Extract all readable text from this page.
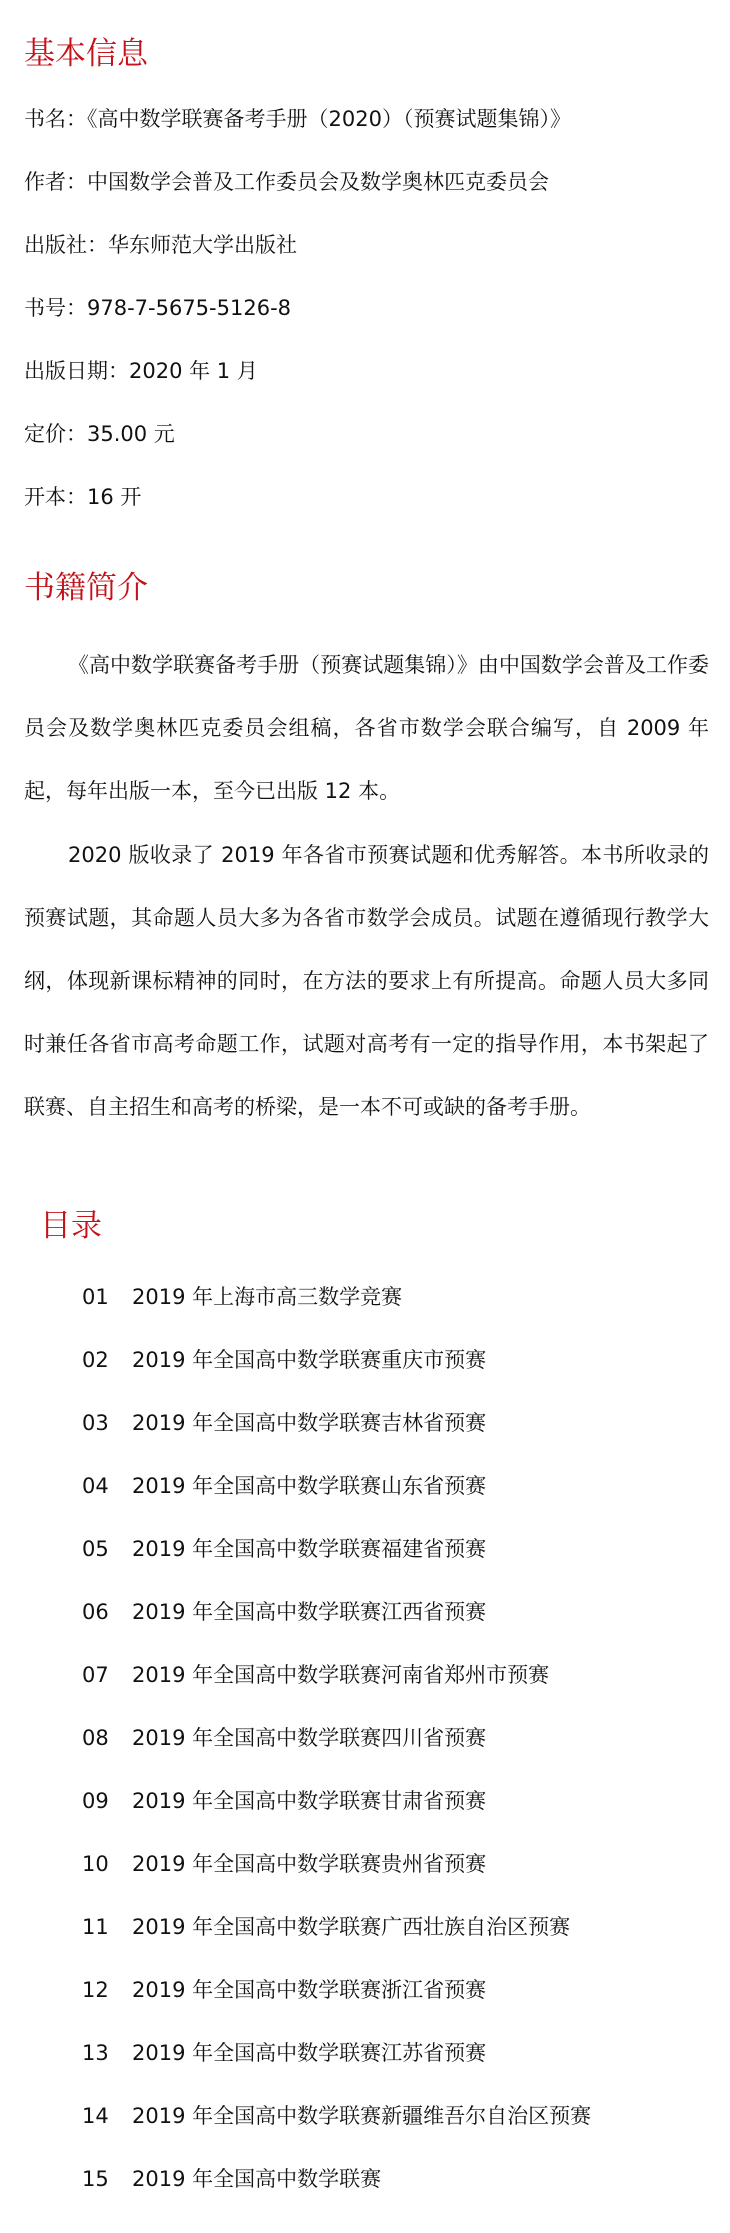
基本信息

书名：《高中数学联赛备考手册（2020）（预赛试题集锦）》

作者：中国数学会普及工作委员会及数学奥林匹克委员会

出版社：华东师范大学出版社

书号：978-7-5675-5126-8

出版日期：2020 年 1 月

定价：35.00 元

开本：16 开

书籍简介

《高中数学联赛备考手册（预赛试题集锦）》由中国数学会普及工作委员会及数学奥林匹克委员会组稿，各省市数学会联合编写，自 2009 年起，每年出版一本，至今已出版 12 本。

2020 版收录了 2019 年各省市预赛试题和优秀解答。本书所收录的预赛试题，其命题人员大多为各省市数学会成员。试题在遵循现行教学大纲，体现新课标精神的同时，在方法的要求上有所提高。命题人员大多同时兼任各省市高考命题工作，试题对高考有一定的指导作用，本书架起了联赛、自主招生和高考的桥梁，是一本不可或缺的备考手册。

目录
01 2019 年上海市高三数学竞赛
02 2019 年全国高中数学联赛重庆市预赛
03 2019 年全国高中数学联赛吉林省预赛
04 2019 年全国高中数学联赛山东省预赛
05 2019 年全国高中数学联赛福建省预赛
06 2019 年全国高中数学联赛江西省预赛
07 2019 年全国高中数学联赛河南省郑州市预赛
08 2019 年全国高中数学联赛四川省预赛
09 2019 年全国高中数学联赛甘肃省预赛
10 2019 年全国高中数学联赛贵州省预赛
11 2019 年全国高中数学联赛广西壮族自治区预赛
12 2019 年全国高中数学联赛浙江省预赛
13 2019 年全国高中数学联赛江苏省预赛
14 2019 年全国高中数学联赛新疆维吾尔自治区预赛
15 2019 年全国高中数学联赛
